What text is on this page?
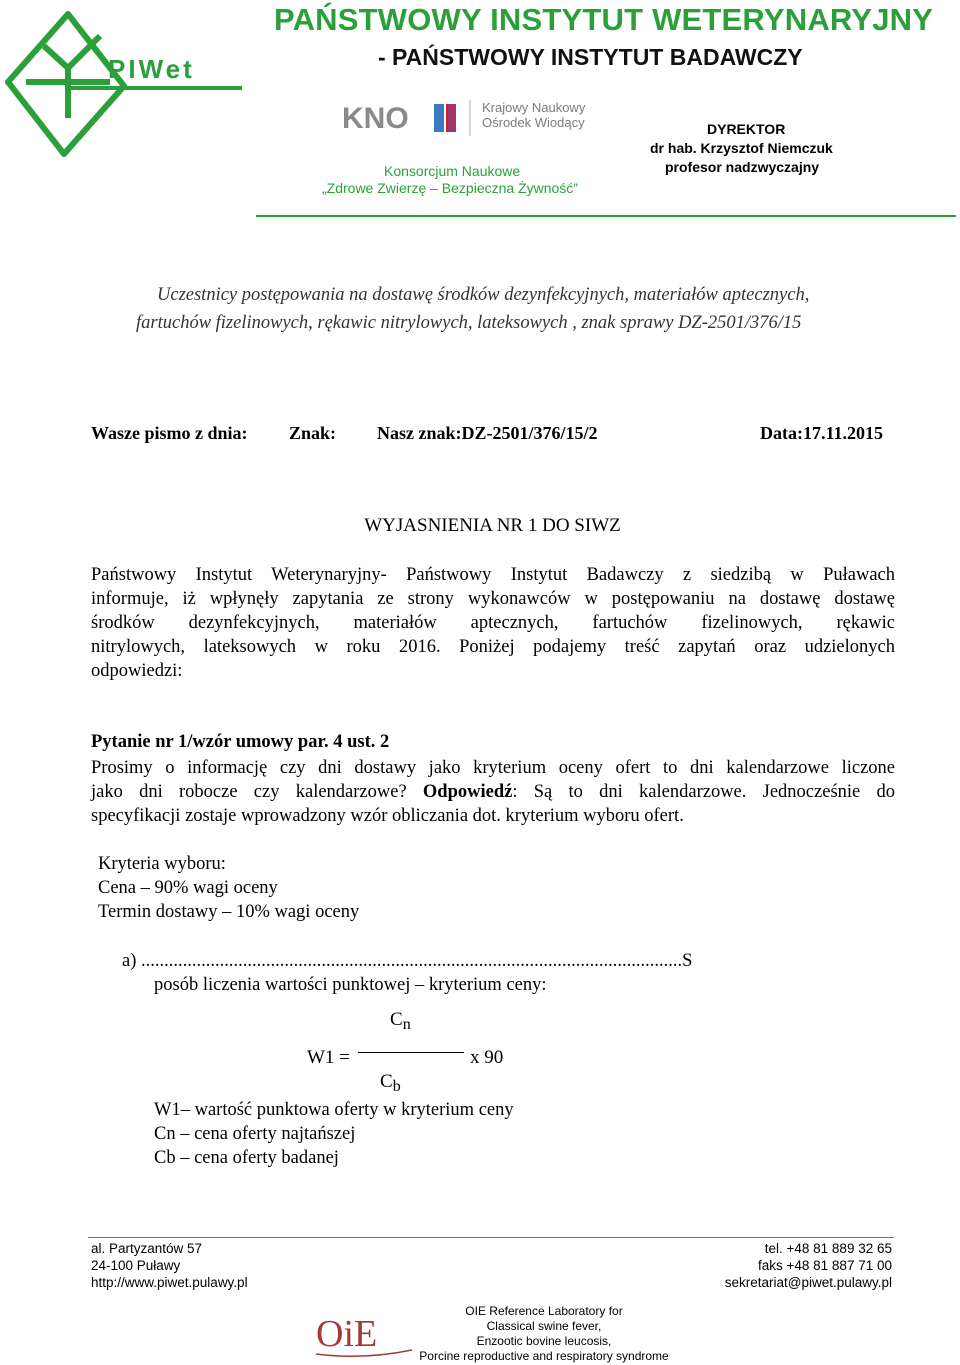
PIWet
PAŃSTWOWY INSTYTUT WETERYNARYJNY
- PAŃSTWOWY INSTYTUT BADAWCZY
KNO	Krajowy Naukowy
Ośrodek Wiodący
Konsorcjum Naukowe
„Zdrowe Zwierzę – Bezpieczna Żywność”
DYREKTOR
dr hab. Krzysztof Niemczuk
profesor nadzwyczajny
Uczestnicy postępowania na dostawę środków dezynfekcyjnych, materiałów aptecznych,
fartuchów fizelinowych, rękawic nitrylowych, lateksowych , znak sprawy DZ-2501/376/15
Wasze pismo z dnia: Znak: Nasz znak:DZ-2501/376/15/2	Data:17.11.2015
WYJASNIENIA NR 1 DO SIWZ
Państwowy Instytut Weterynaryjny- Państwowy Instytut Badawczy z siedzibą w Puławach
informuje, iż wpłynęły zapytania ze strony wykonawców w postępowaniu na dostawę dostawę
środków dezynfekcyjnych, materiałów aptecznych, fartuchów fizelinowych, rękawic
nitrylowych, lateksowych w roku 2016. Poniżej podajemy treść zapytań oraz udzielonych
odpowiedzi:
Pytanie nr 1/wzór umowy par. 4 ust. 2
Prosimy o informację czy dni dostawy jako kryterium oceny ofert to dni kalendarzowe liczone
jako dni robocze czy kalendarzowe? Odpowiedź: Są to dni kalendarzowe. Jednocześnie do
specyfikacji zostaje wprowadzony wzór obliczania dot. kryterium wyboru ofert.
Kryteria wyboru:
Cena – 90% wagi oceny
Termin dostawy – 10% wagi oceny
a) .....................................................................................................................S
posób liczenia wartości punktowej – kryterium ceny:
$C_n$
W1 =	x 90
$C_b$
W1– wartość punktowa oferty w kryterium ceny
Cn – cena oferty najtańszej
Cb – cena oferty badanej
al. Partyzantów 57
24-100 Puławy
http://www.piwet.pulawy.pl
tel. +48 81 889 32 65
faks +48 81 887 71 00
sekretariat@piwet.pulawy.pl
OiE
OIE Reference Laboratory for
Classical swine fever,
Enzootic bovine leucosis,
Porcine reproductive and respiratory syndrome
